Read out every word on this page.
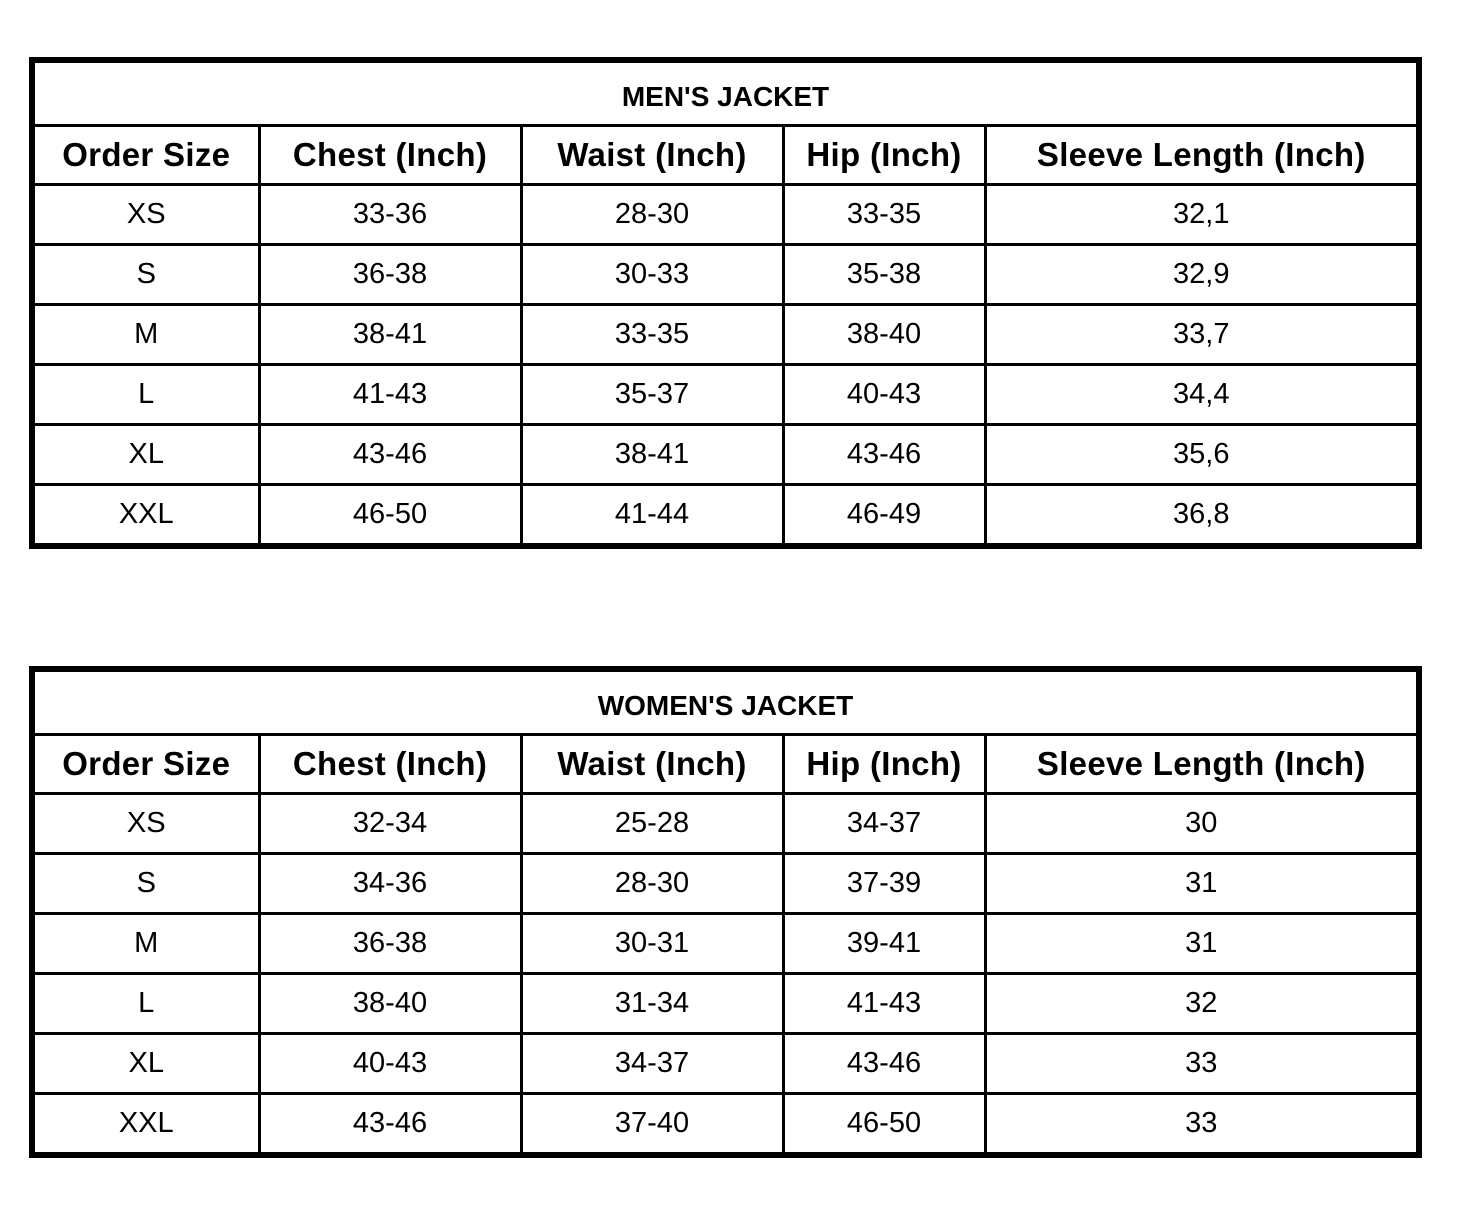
MEN'S JACKET				
Order Size	Chest (Inch)	Waist (Inch)	Hip (Inch)	Sleeve Length (Inch)
XS	33-36	28-30	33-35	32,1
S	36-38	30-33	35-38	32,9
M	38-41	33-35	38-40	33,7
L	41-43	35-37	40-43	34,4
XL	43-46	38-41	43-46	35,6
XXL	46-50	41-44	46-49	36,8
WOMEN'S JACKET				
Order Size	Chest (Inch)	Waist (Inch)	Hip (Inch)	Sleeve Length (Inch)
XS	32-34	25-28	34-37	30
S	34-36	28-30	37-39	31
M	36-38	30-31	39-41	31
L	38-40	31-34	41-43	32
XL	40-43	34-37	43-46	33
XXL	43-46	37-40	46-50	33
